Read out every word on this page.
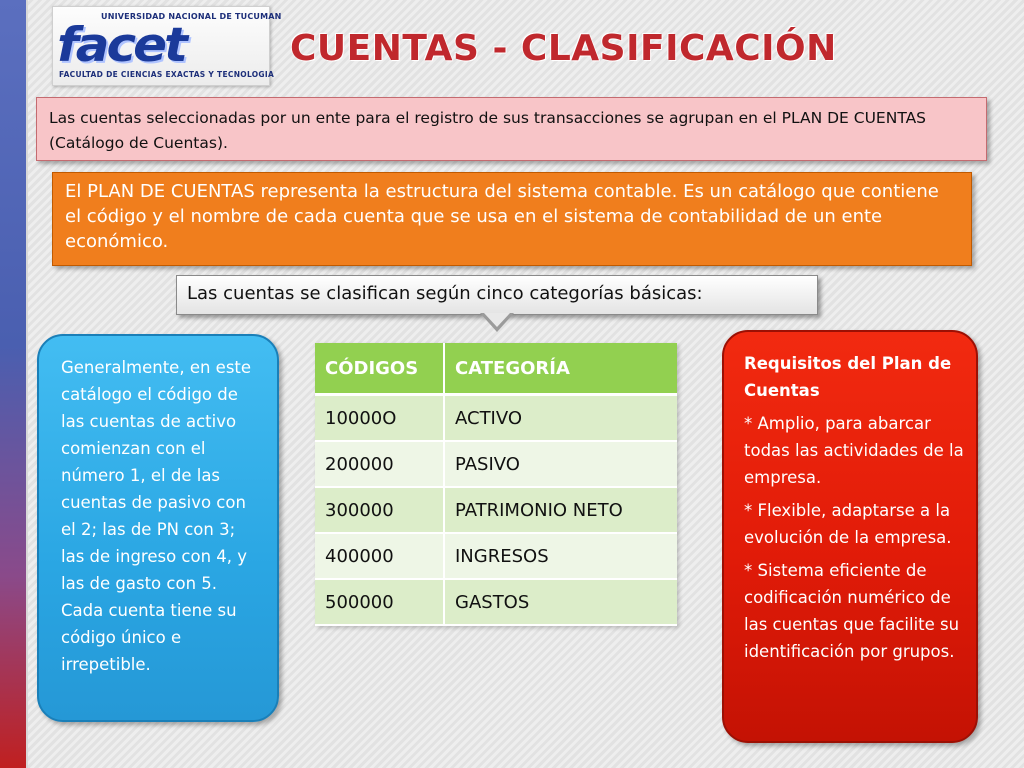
UNIVERSIDAD NACIONAL DE TUCUMAN
facet
FACULTAD DE CIENCIAS EXACTAS Y TECNOLOGIA
CUENTAS - CLASIFICACIÓN
Las cuentas seleccionadas por un ente para el registro de sus transacciones se agrupan en el PLAN DE CUENTAS (Catálogo de Cuentas).
El PLAN DE CUENTAS representa la estructura del sistema contable. Es un catálogo que contiene el código y el nombre de cada cuenta que se usa en el sistema de contabilidad de un ente económico.
Las cuentas se clasifican según cinco categorías básicas:
Generalmente, en este catálogo el código de las cuentas de activo comienzan con el número 1, el de las cuentas de pasivo con el 2; las de PN con 3; las de ingreso con 4, y las de gasto con 5. Cada cuenta tiene su código único e irrepetible.
CÓDIGOS	CATEGORÍA
10000O	ACTIVO
200000	PASIVO
300000	PATRIMONIO NETO
400000	INGRESOS
500000	GASTOS
Requisitos del Plan de Cuentas
* Amplio, para abarcar todas las actividades de la empresa.
* Flexible, adaptarse a la evolución de la empresa.
* Sistema eficiente de codificación numérico de las cuentas que facilite su identificación por grupos.
